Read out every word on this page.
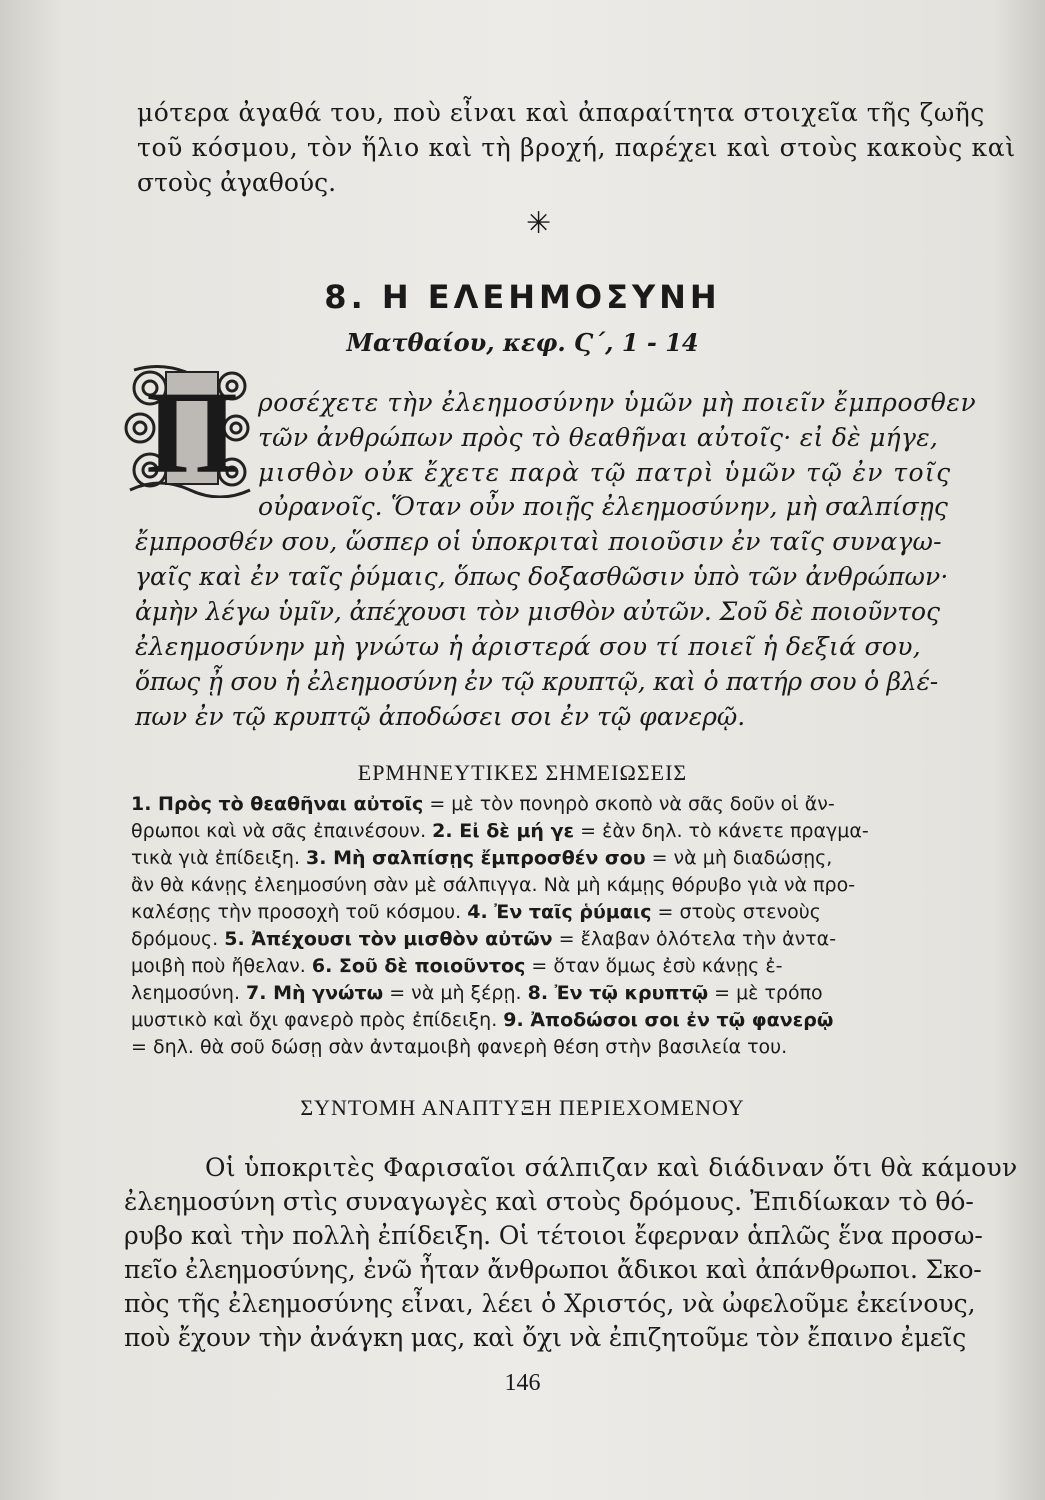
μότερα ἀγαθά του, ποὺ εἶναι καὶ ἀπαραίτητα στοιχεῖα τῆς ζωῆς
τοῦ κόσμου, τὸν ἥλιο καὶ τὴ βροχή, παρέχει καὶ στοὺς κακοὺς καὶ
στοὺς ἀγαθούς.
✳
8. Η ΕΛΕΗΜΟΣΥΝΗ
Ματθαίου, κεφ. Ϛ΄, 1 - 14
Π ροσέχετε τὴν ἐλεημοσύνην ὑμῶν μὴ ποιεῖν ἔμπροσθεν
τῶν ἀνθρώπων πρὸς τὸ θεαθῆναι αὐτοῖς· εἰ δὲ μήγε,
μισθὸν οὐκ ἔχετε παρὰ τῷ πατρὶ ὑμῶν τῷ ἐν τοῖς
οὐρανοῖς. Ὅταν οὖν ποιῇς ἐλεημοσύνην, μὴ σαλπίσῃς
ἔμπροσθέν σου, ὥσπερ οἱ ὑποκριταὶ ποιοῦσιν ἐν ταῖς συναγω-
γαῖς καὶ ἐν ταῖς ῥύμαις, ὅπως δοξασθῶσιν ὑπὸ τῶν ἀνθρώπων·
ἀμὴν λέγω ὑμῖν, ἀπέχουσι τὸν μισθὸν αὐτῶν. Σοῦ δὲ ποιοῦντος
ἐλεημοσύνην μὴ γνώτω ἡ ἀριστερά σου τί ποιεῖ ἡ δεξιά σου,
ὅπως ᾖ σου ἡ ἐλεημοσύνη ἐν τῷ κρυπτῷ, καὶ ὁ πατήρ σου ὁ βλέ-
πων ἐν τῷ κρυπτῷ ἀποδώσει σοι ἐν τῷ φανερῷ.
ΕΡΜΗΝΕΥΤΙΚΕΣ ΣΗΜΕΙΩΣΕΙΣ
1. Πρὸς τὸ θεαθῆναι αὐτοῖς = μὲ τὸν πονηρὸ σκοπὸ νὰ σᾶς δοῦν οἱ ἄν-
θρωποι καὶ νὰ σᾶς ἐπαινέσουν. 2. Εἰ δὲ μή γε = ἐὰν δηλ. τὸ κάνετε πραγμα-
τικὰ γιὰ ἐπίδειξη. 3. Μὴ σαλπίσῃς ἔμπροσθέν σου = νὰ μὴ διαδώσῃς,
ἂν θὰ κάνῃς ἐλεημοσύνη σὰν μὲ σάλπιγγα. Νὰ μὴ κάμῃς θόρυβο γιὰ νὰ προ-
καλέσῃς τὴν προσοχὴ τοῦ κόσμου. 4. Ἐν ταῖς ῥύμαις = στοὺς στενοὺς
δρόμους. 5. Ἀπέχουσι τὸν μισθὸν αὐτῶν = ἔλαβαν ὁλότελα τὴν ἀντα-
μοιβὴ ποὺ ἤθελαν. 6. Σοῦ δὲ ποιοῦντος = ὅταν ὅμως ἐσὺ κάνῃς ἐ-
λεημοσύνη. 7. Μὴ γνώτω = νὰ μὴ ξέρῃ. 8. Ἐν τῷ κρυπτῷ = μὲ τρόπο
μυστικὸ καὶ ὄχι φανερὸ πρὸς ἐπίδειξη. 9. Ἀποδώσοι σοι ἐν τῷ φανερῷ
= δηλ. θὰ σοῦ δώσῃ σὰν ἀνταμοιβὴ φανερὴ θέση στὴν βασιλεία του.
ΣΥΝΤΟΜΗ ΑΝΑΠΤΥΞΗ ΠΕΡΙΕΧΟΜΕΝΟΥ
Οἱ ὑποκριτὲς Φαρισαῖοι σάλπιζαν καὶ διάδιναν ὅτι θὰ κάμουν
ἐλεημοσύνη στὶς συναγωγὲς καὶ στοὺς δρόμους. Ἐπιδίωκαν τὸ θό-
ρυβο καὶ τὴν πολλὴ ἐπίδειξη. Οἱ τέτοιοι ἔφερναν ἁπλῶς ἕνα προσω-
πεῖο ἐλεημοσύνης, ἐνῶ ἦταν ἄνθρωποι ἄδικοι καὶ ἀπάνθρωποι. Σκο-
πὸς τῆς ἐλεημοσύνης εἶναι, λέει ὁ Χριστός, νὰ ὠφελοῦμε ἐκείνους,
ποὺ ἔχουν τὴν ἀνάγκη μας, καὶ ὄχι νὰ ἐπιζητοῦμε τὸν ἔπαινο ἐμεῖς
146
